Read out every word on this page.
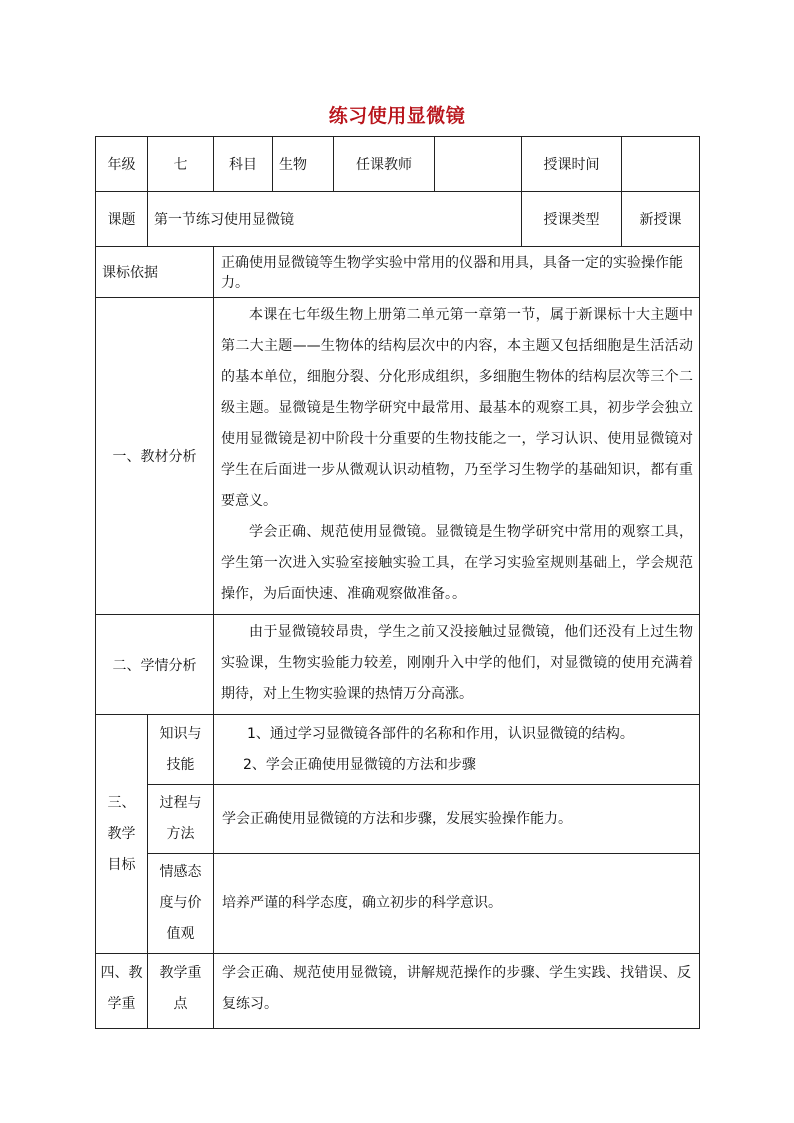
练习使用显微镜
年级	七	科目	生物	任课教师		授课时间	
课题	第一节练习使用显微镜					授课类型	新授课
课标依据		正确使用显微镜等生物学实验中常用的仪器和用具，具备一定的实验操作能力。					
一、教材分析		本课在七年级生物上册第二单元第一章第一节，属于新课标十大主题中第二大主题——生物体的结构层次中的内容，本主题又包括细胞是生活活动的基本单位，细胞分裂、分化形成组织，多细胞生物体的结构层次等三个二级主题。显微镜是生物学研究中最常用、最基本的观察工具，初步学会独立使用显微镜是初中阶段十分重要的生物技能之一，学习认识、使用显微镜对学生在后面进一步从微观认识动植物，乃至学习生物学的基础知识，都有重要意义。

学会正确、规范使用显微镜。显微镜是生物学研究中常用的观察工具，学生第一次进入实验室接触实验工具，在学习实验室规则基础上，学会规范操作，为后面快速、准确观察做准备。。					

二、学情分析		由于显微镜较昂贵，学生之前又没接触过显微镜，他们还没有上过生物实验课，生物实验能力较差，刚刚升入中学的他们，对显微镜的使用充满着期待，对上生物实验课的热情万分高涨。					

三、教学目标	知识与技能	1、通过学习显微镜各部件的名称和作用，认识显微镜的结构。
2、学会正确使用显微镜的方法和步骤					

	过程与方法	学会正确使用显微镜的方法和步骤，发展实验操作能力。					

	情感态度与价值观	培养严谨的科学态度，确立初步的科学意识。					

四、教学重	教学重点	学会正确、规范使用显微镜，讲解规范操作的步骤、学生实践、找错误、反复练习。					
